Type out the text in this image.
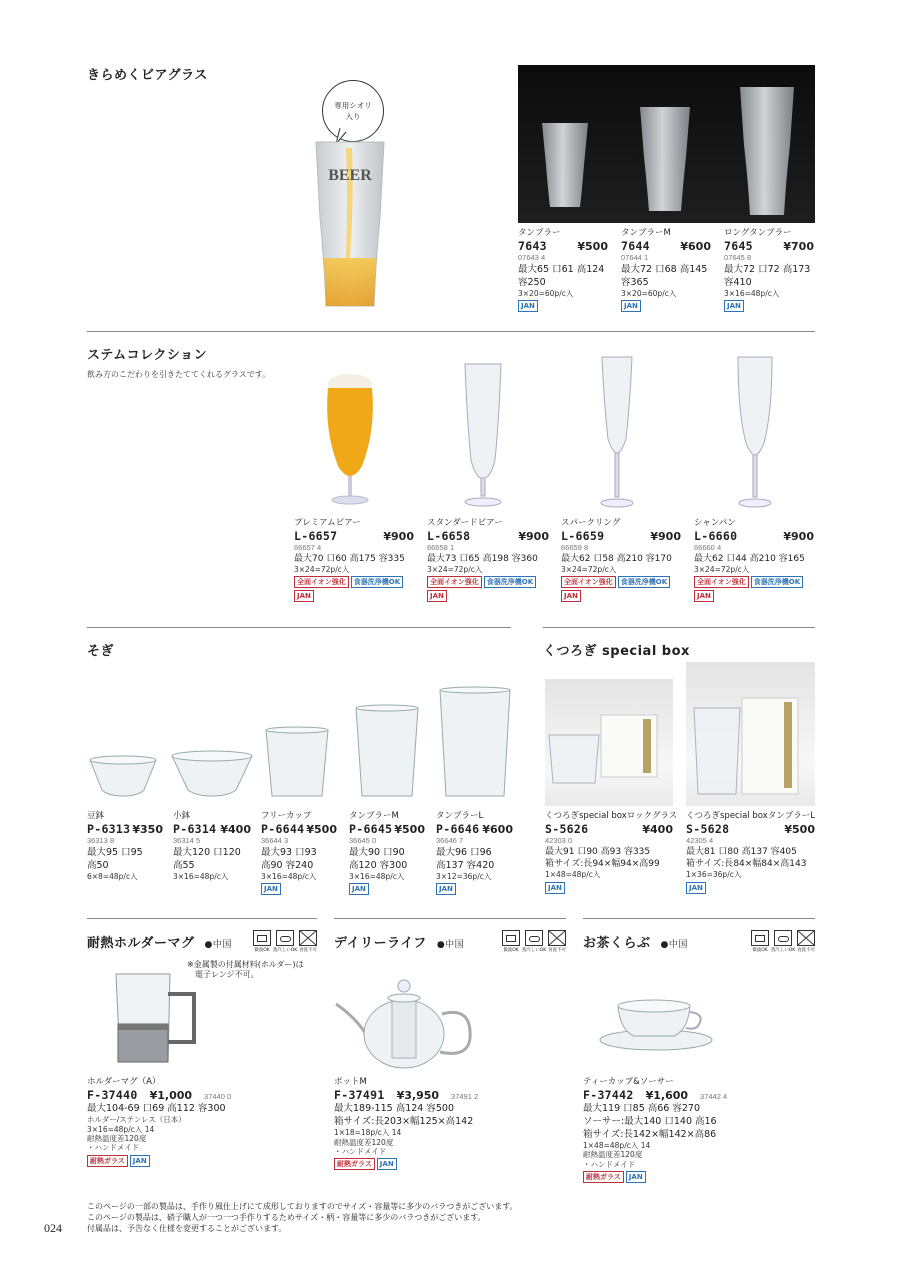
きらめくビアグラス
専用シオリ
入り
BEER
タンブラー
7643	¥500
07643 4
最大65 口61 高124
容250
3×20=60p/c入
JAN
タンブラーM
7644	¥600
07644 1
最大72 口68 高145
容365
3×20=60p/c入
JAN
ロングタンブラー
7645	¥700
07645 8
最大72 口72 高173
容410
3×16=48p/c入
JAN
ステムコレクション
飲み方のこだわりを引きたててくれるグラスです。
プレミアムビアー
L-6657	¥900
66657 4
最大70 口60 高175 容335
3×24=72p/c入
全面イオン強化	食器洗浄機OK
JAN
スタンダードビアー
L-6658	¥900
66658 1
最大73 口65 高198 容360
3×24=72p/c入
全面イオン強化	食器洗浄機OK
JAN
スパークリング
L-6659	¥900
66659 8
最大62 口58 高210 容170
3×24=72p/c入
全面イオン強化	食器洗浄機OK
JAN
シャンパン
L-6660	¥900
66660 4
最大62 口44 高210 容165
3×24=72p/c入
全面イオン強化	食器洗浄機OK
JAN
そぎ
豆鉢
P-6313 ¥350
36313 8
最大95 口95
高50
6×8=48p/c入
小鉢
P-6314 ¥400
36314 5
最大120 口120
高55
3×16=48p/c入
フリーカップ
P-6644 ¥500
36644 3
最大93 口93
高90 容240
3×16=48p/c入
JAN
タンブラーM
P-6645 ¥500
36645 0
最大90 口90
高120 容300
3×16=48p/c入
JAN
タンブラーL
P-6646 ¥600
36646 7
最大96 口96
高137 容420
3×12=36p/c入
JAN
くつろぎ special box
くつろぎspecial boxロックグラス
S-5626	¥400
42303 0
最大91 口90 高93 容335
箱サイズ:長94×幅94×高99
1×48=48p/c入
JAN
くつろぎspecial boxタンブラーL
S-5628	¥500
42305 4
最大81 口80 高137 容405
箱サイズ:長84×幅84×高143
1×36=36p/c入
JAN
耐熱ホルダーマグ ●中国
微波OK 蒸汽しいOK 食洗不可
※金属製の付属材料(ホルダー)は
電子レンジ不可。
ホルダーマグ（A）
F-37440 ¥1,000 37440 0
最大104-69 口69 高112 容300
ホルダー/ステンレス（日本）
3×16=48p/c入 14
耐熱温度差120度
・ハンドメイド
耐熱ガラス	JAN
デイリーライフ ●中国
微波OK 蒸汽しいOK 食洗不可
ポットM
F-37491 ¥3,950 37491 2
最大189-115 高124 容500
箱サイズ:長203×幅125×高142
1×18=18p/c入 14
耐熱温度差120度
・ハンドメイド
耐熱ガラス	JAN
お茶くらぶ ●中国
微波OK 蒸汽しいOK 食洗不可
ティーカップ&ソーサー
F-37442 ¥1,600 37442 4
最大119 口85 高66 容270
ソーサー:最大140 口140 高16
箱サイズ:長142×幅142×高86
1×48=48p/c入 14
耐熱温度差120度
・ハンドメイド
耐熱ガラス	JAN
このページの一部の製品は、手作り風仕上げにて成形しておりますのでサイズ・容量等に多少のバラつきがございます。
このページの製品は、硝子職人が一つ一つ手作りするためサイズ・柄・容量等に多少のバラつきがございます。
付属品は、予告なく仕様を変更することがございます。
024
